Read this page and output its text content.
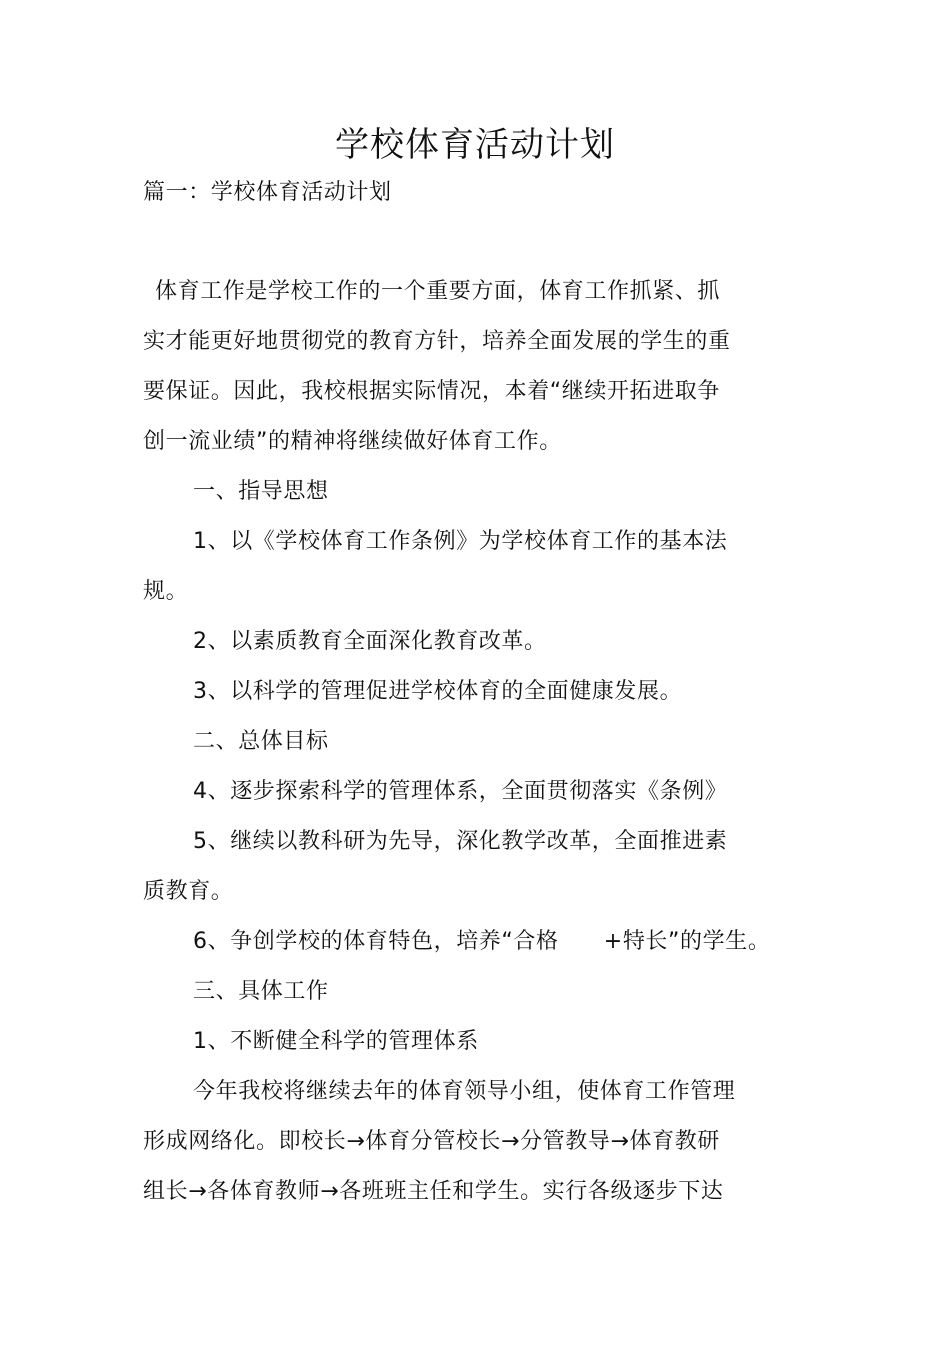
学校体育活动计划
篇一：学校体育活动计划
体育工作是学校工作的一个重要方面，体育工作抓紧、抓
实才能更好地贯彻党的教育方针，培养全面发展的学生的重
要保证。因此，我校根据实际情况，本着“继续开拓进取争
创一流业绩”的精神将继续做好体育工作。
一、指导思想
1、以《学校体育工作条例》为学校体育工作的基本法
规。
2、以素质教育全面深化教育改革。
3、以科学的管理促进学校体育的全面健康发展。
二、总体目标
4、逐步探索科学的管理体系，全面贯彻落实《条例》
5、继续以教科研为先导，深化教学改革，全面推进素
质教育。
6、争创学校的体育特色，培养“合格　　+特长”的学生。
三、具体工作
1、不断健全科学的管理体系
今年我校将继续去年的体育领导小组，使体育工作管理
形成网络化。即校长→体育分管校长→分管教导→体育教研
组长→各体育教师→各班班主任和学生。实行各级逐步下达
